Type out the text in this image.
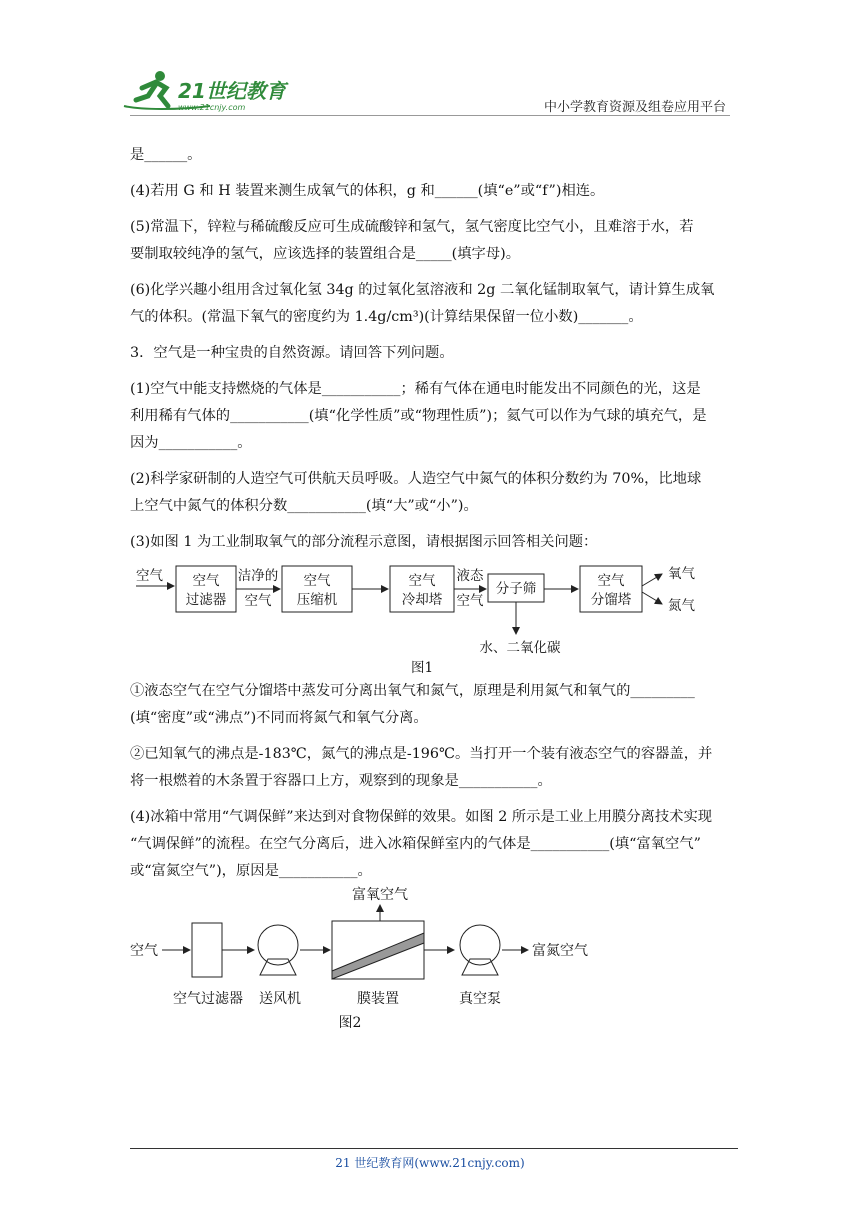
21世纪教育
www.21cnjy.com	中小学教育资源及组卷应用平台

是______。

(4)若用 G 和 H 装置来测生成氧气的体积，g 和______(填“e”或“f”)相连。

(5)常温下，锌粒与稀硫酸反应可生成硫酸锌和氢气，氢气密度比空气小，且难溶于水，若

要制取较纯净的氢气，应该选择的装置组合是_____(填字母)。

(6)化学兴趣小组用含过氧化氢 34g 的过氧化氢溶液和 2g 二氧化锰制取氧气，请计算生成氧

气的体积。(常温下氧气的密度约为 1.4g/cm³)(计算结果保留一位小数)_______。

3．空气是一种宝贵的自然资源。请回答下列问题。

(1)空气中能支持燃烧的气体是___________；稀有气体在通电时能发出不同颜色的光，这是

利用稀有气体的___________(填“化学性质”或“物理性质”)；氦气可以作为气球的填充气，是

因为___________。

(2)科学家研制的人造空气可供航天员呼吸。人造空气中氮气的体积分数约为 70%，比地球

上空气中氮气的体积分数___________(填“大”或“小”)。

(3)如图 1 为工业制取氧气的部分流程示意图，请根据图示回答相关问题：

空气 空气
过滤器
洁净的
空气
空气
压缩机
空气
冷却塔
液态
空气
分子筛
水、二氧化碳
空气
分馏塔
氧气
氮气
图1

①液态空气在空气分馏塔中蒸发可分离出氧气和氮气，原理是利用氮气和氧气的_________

(填“密度”或“沸点”)不同而将氮气和氧气分离。

②已知氧气的沸点是-183℃，氮气的沸点是-196℃。当打开一个装有液态空气的容器盖，并

将一根燃着的木条置于容器口上方，观察到的现象是___________。

(4)冰箱中常用“气调保鲜”来达到对食物保鲜的效果。如图 2 所示是工业上用膜分离技术实现

“气调保鲜”的流程。在空气分离后，进入冰箱保鲜室内的气体是___________(填“富氧空气”

或“富氮空气”)，原因是___________。

空气
富氧空气
富氮空气
空气过滤器 送风机	膜装置	真空泵
图2
21 世纪教育网(www.21cnjy.com)
